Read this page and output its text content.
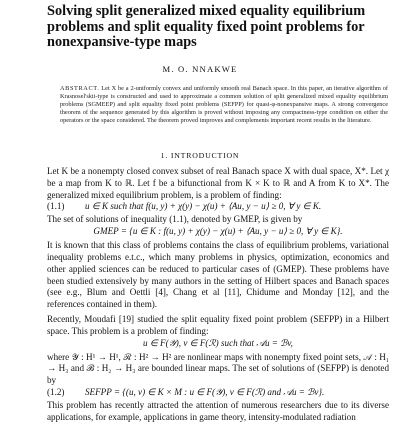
Solving split generalized mixed equality equilibrium problems and split equality fixed point problems for nonexpansive-type maps
M. O. NNAKWE
ABSTRACT. Let X be a 2-uniformly convex and uniformly smooth real Banach space. In this paper, an iterative algorithm of Krasnosel'skii-type is constructed and used to approximate a common solution of split generalized mixed equality equilibrium problems (SGMEEP) and split equality fixed point problems (SEFPP) for quasi-φ-nonexpansive maps. A strong convergence theorem of the sequence generated by this algorithm is proved without imposing any compactness-type condition on either the operators or the space considered. The theorem proved improves and complements important recent results in the literature.
1. INTRODUCTION

Let K be a nonempty closed convex subset of real Banach space X with dual space, X*. Let χ be a map from K to ℝ. Let f be a bifunctional from K × K to ℝ and A from K to X*. The generalized mixed equilibrium problem, is a problem of finding:

(1.1) u ∈ K such that f(u, y) + χ(y) − χ(u) + ⟨Au, y − u⟩ ≥ 0, ∀ y ∈ K.

The set of solutions of inequality (1.1), denoted by GMEP, is given by

GMEP = {u ∈ K : f(u, y) + χ(y) − χ(u) + ⟨Au, y − u⟩ ≥ 0, ∀ y ∈ K}.

It is known that this class of problems contains the class of equilibrium problems, variational inequality problems e.t.c., which many problems in physics, optimization, economics and other applied sciences can be reduced to particular cases of (GMEP). These problems have been studied extensively by many authors in the setting of Hilbert spaces and Banach spaces (see e.g., Blum and Oettli [4], Chang et al [11], Chidume and Monday [12], and the references contained in them).

Recently, Moudafi [19] studied the split equality fixed point problem (SEFPP) in a Hilbert space. This problem is a problem of finding:

u ∈ F(𝒴), v ∈ F(ℛ) such that 𝒜u = ℬv,

where 𝒴 : H¹ → H¹, ℛ : H² → H² are nonlinear maps with nonempty fixed point sets, 𝒜 : H₁ → H₃ and ℬ : H₂ → H₃ are bounded linear maps. The set of solutions of (SEFPP) is denoted by

(1.2) SEFPP = {(u, v) ∈ K × M : u ∈ F(𝒴), v ∈ F(ℛ) and 𝒜u = ℬv}.

This problem has recently attracted the attention of numerous researchers due to its diverse applications, for example, applications in game theory, intensity-modulated radiation
